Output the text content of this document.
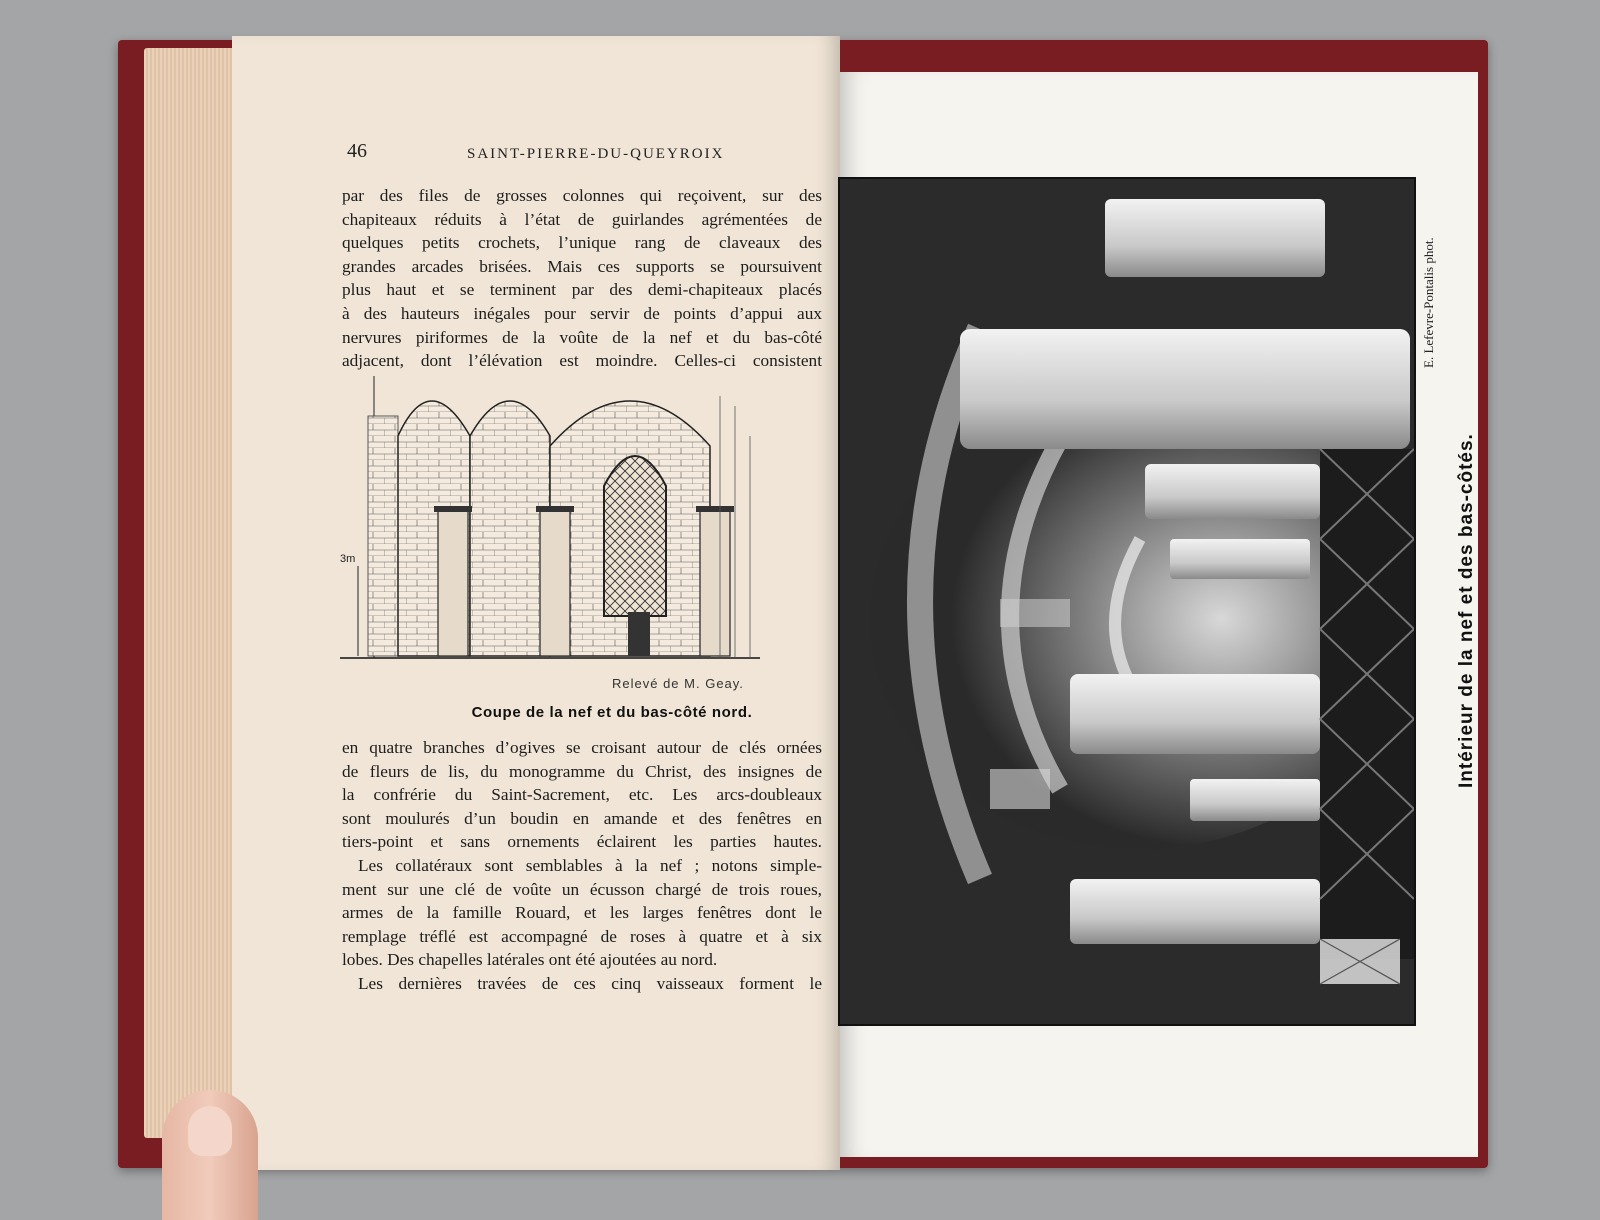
46	SAINT-PIERRE-DU-QUEYROIX
par des files de grosses colonnes qui reçoivent, sur des
chapiteaux réduits à l’état de guirlandes agrémentées de
quelques petits crochets, l’unique rang de claveaux des
grandes arcades brisées. Mais ces supports se poursuivent
plus haut et se terminent par des demi-chapiteaux placés
à des hauteurs inégales pour servir de points d’appui aux
nervures piriformes de la voûte de la nef et du bas-côté
adjacent, dont l’élévation est moindre. Celles-ci consistent
3m
Relevé de M. Geay.
Coupe de la nef et du bas-côté nord.
en quatre branches d’ogives se croisant autour de clés ornées
de fleurs de lis, du monogramme du Christ, des insignes de
la confrérie du Saint-Sacrement, etc. Les arcs-doubleaux
sont moulurés d’un boudin en amande et des fenêtres en
tiers-point et sans ornements éclairent les parties hautes.
Les collatéraux sont semblables à la nef ; notons simple-
ment sur une clé de voûte un écusson chargé de trois roues,
armes de la famille Rouard, et les larges fenêtres dont le
remplage tréflé est accompagné de roses à quatre et à six
lobes. Des chapelles latérales ont été ajoutées au nord.
Les dernières travées de ces cinq vaisseaux forment le
E. Lefevre-Pontalis phot.
Intérieur de la nef et des bas-côtés.
